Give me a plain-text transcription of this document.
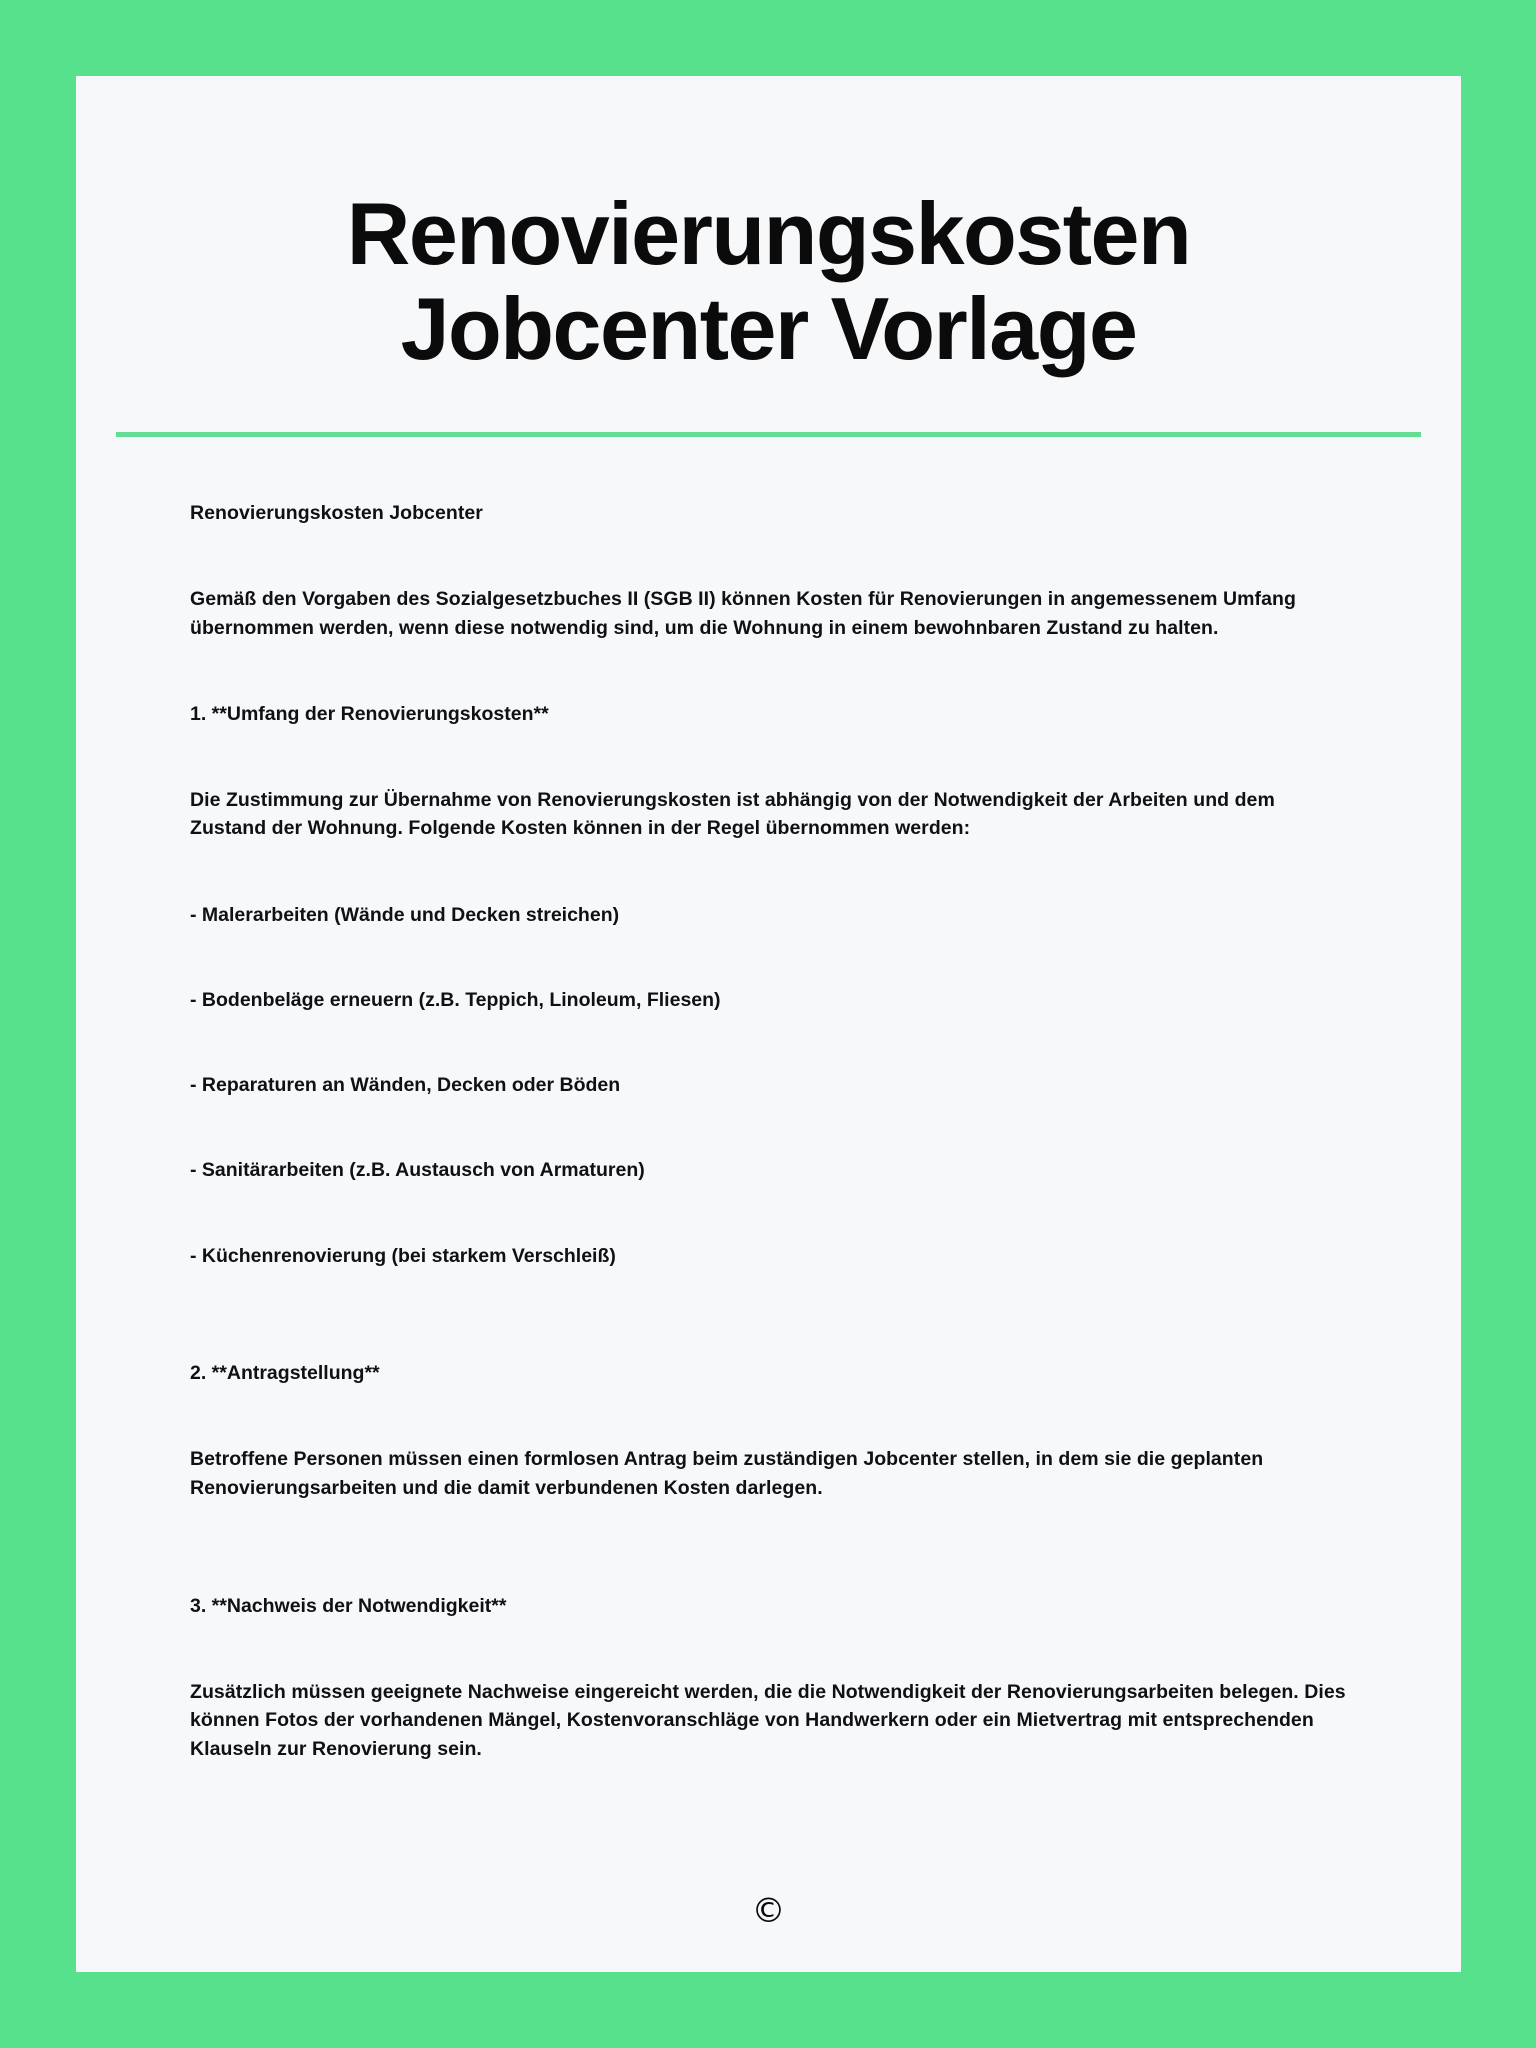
Renovierungskosten
Jobcenter Vorlage

Renovierungskosten Jobcenter

Gemäß den Vorgaben des Sozialgesetzbuches II (SGB II) können Kosten für Renovierungen in angemessenem Umfang übernommen werden, wenn diese notwendig sind, um die Wohnung in einem bewohnbaren Zustand zu halten.

1. **Umfang der Renovierungskosten**

Die Zustimmung zur Übernahme von Renovierungskosten ist abhängig von der Notwendigkeit der Arbeiten und dem Zustand der Wohnung. Folgende Kosten können in der Regel übernommen werden:

- Malerarbeiten (Wände und Decken streichen)

- Bodenbeläge erneuern (z.B. Teppich, Linoleum, Fliesen)

- Reparaturen an Wänden, Decken oder Böden

- Sanitärarbeiten (z.B. Austausch von Armaturen)

- Küchenrenovierung (bei starkem Verschleiß)

2. **Antragstellung**

Betroffene Personen müssen einen formlosen Antrag beim zuständigen Jobcenter stellen, in dem sie die geplanten Renovierungsarbeiten und die damit verbundenen Kosten darlegen.

3. **Nachweis der Notwendigkeit**

Zusätzlich müssen geeignete Nachweise eingereicht werden, die die Notwendigkeit der Renovierungsarbeiten belegen. Dies können Fotos der vorhandenen Mängel, Kostenvoranschläge von Handwerkern oder ein Mietvertrag mit entsprechenden Klauseln zur Renovierung sein.

©
